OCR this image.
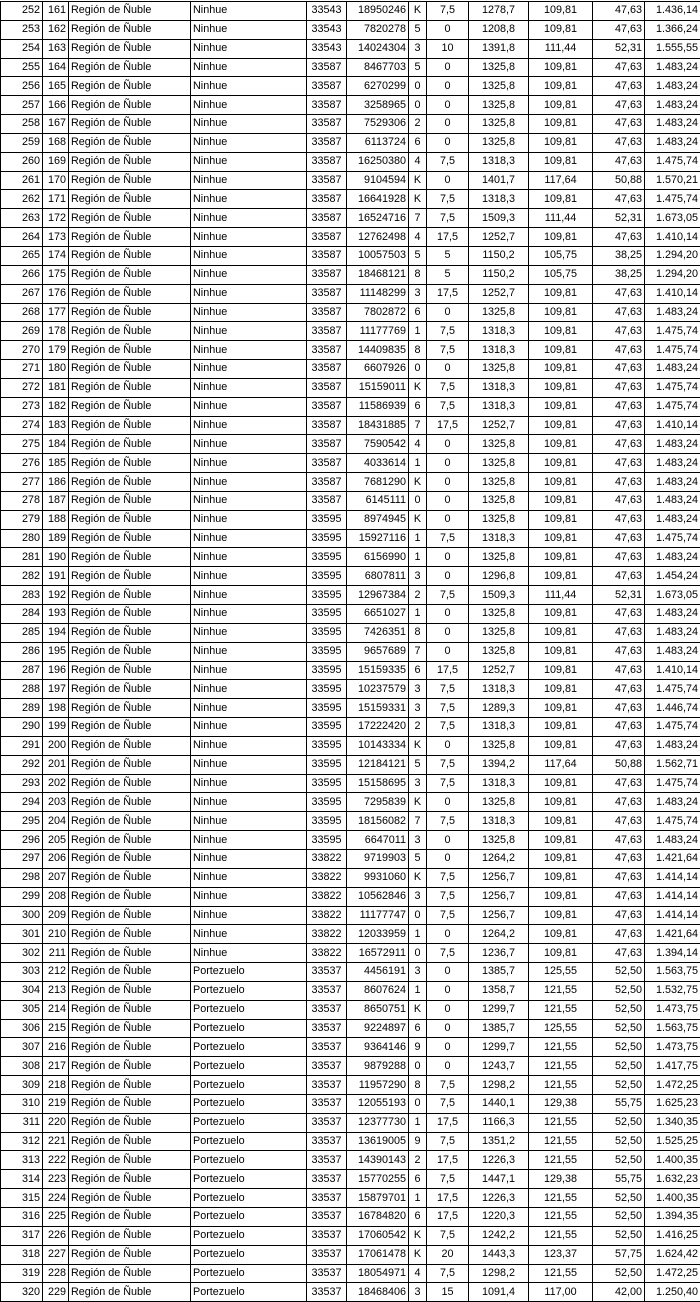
252	161	Región de Ñuble	Ninhue	33543	18950246	K	7,5	1278,7	109,81	47,63	1.436,14
253	162	Región de Ñuble	Ninhue	33543	7820278	5	0	1208,8	109,81	47,63	1.366,24
254	163	Región de Ñuble	Ninhue	33543	14024304	3	10	1391,8	111,44	52,31	1.555,55
255	164	Región de Ñuble	Ninhue	33587	8467703	5	0	1325,8	109,81	47,63	1.483,24
256	165	Región de Ñuble	Ninhue	33587	6270299	0	0	1325,8	109,81	47,63	1.483,24
257	166	Región de Ñuble	Ninhue	33587	3258965	0	0	1325,8	109,81	47,63	1.483,24
258	167	Región de Ñuble	Ninhue	33587	7529306	2	0	1325,8	109,81	47,63	1.483,24
259	168	Región de Ñuble	Ninhue	33587	6113724	6	0	1325,8	109,81	47,63	1.483,24
260	169	Región de Ñuble	Ninhue	33587	16250380	4	7,5	1318,3	109,81	47,63	1.475,74
261	170	Región de Ñuble	Ninhue	33587	9104594	K	0	1401,7	117,64	50,88	1.570,21
262	171	Región de Ñuble	Ninhue	33587	16641928	K	7,5	1318,3	109,81	47,63	1.475,74
263	172	Región de Ñuble	Ninhue	33587	16524716	7	7,5	1509,3	111,44	52,31	1.673,05
264	173	Región de Ñuble	Ninhue	33587	12762498	4	17,5	1252,7	109,81	47,63	1.410,14
265	174	Región de Ñuble	Ninhue	33587	10057503	5	5	1150,2	105,75	38,25	1.294,20
266	175	Región de Ñuble	Ninhue	33587	18468121	8	5	1150,2	105,75	38,25	1.294,20
267	176	Región de Ñuble	Ninhue	33587	11148299	3	17,5	1252,7	109,81	47,63	1.410,14
268	177	Región de Ñuble	Ninhue	33587	7802872	6	0	1325,8	109,81	47,63	1.483,24
269	178	Región de Ñuble	Ninhue	33587	11177769	1	7,5	1318,3	109,81	47,63	1.475,74
270	179	Región de Ñuble	Ninhue	33587	14409835	8	7,5	1318,3	109,81	47,63	1.475,74
271	180	Región de Ñuble	Ninhue	33587	6607926	0	0	1325,8	109,81	47,63	1.483,24
272	181	Región de Ñuble	Ninhue	33587	15159011	K	7,5	1318,3	109,81	47,63	1.475,74
273	182	Región de Ñuble	Ninhue	33587	11586939	6	7,5	1318,3	109,81	47,63	1.475,74
274	183	Región de Ñuble	Ninhue	33587	18431885	7	17,5	1252,7	109,81	47,63	1.410,14
275	184	Región de Ñuble	Ninhue	33587	7590542	4	0	1325,8	109,81	47,63	1.483,24
276	185	Región de Ñuble	Ninhue	33587	4033614	1	0	1325,8	109,81	47,63	1.483,24
277	186	Región de Ñuble	Ninhue	33587	7681290	K	0	1325,8	109,81	47,63	1.483,24
278	187	Región de Ñuble	Ninhue	33587	6145111	0	0	1325,8	109,81	47,63	1.483,24
279	188	Región de Ñuble	Ninhue	33595	8974945	K	0	1325,8	109,81	47,63	1.483,24
280	189	Región de Ñuble	Ninhue	33595	15927116	1	7,5	1318,3	109,81	47,63	1.475,74
281	190	Región de Ñuble	Ninhue	33595	6156990	1	0	1325,8	109,81	47,63	1.483,24
282	191	Región de Ñuble	Ninhue	33595	6807811	3	0	1296,8	109,81	47,63	1.454,24
283	192	Región de Ñuble	Ninhue	33595	12967384	2	7,5	1509,3	111,44	52,31	1.673,05
284	193	Región de Ñuble	Ninhue	33595	6651027	1	0	1325,8	109,81	47,63	1.483,24
285	194	Región de Ñuble	Ninhue	33595	7426351	8	0	1325,8	109,81	47,63	1.483,24
286	195	Región de Ñuble	Ninhue	33595	9657689	7	0	1325,8	109,81	47,63	1.483,24
287	196	Región de Ñuble	Ninhue	33595	15159335	6	17,5	1252,7	109,81	47,63	1.410,14
288	197	Región de Ñuble	Ninhue	33595	10237579	3	7,5	1318,3	109,81	47,63	1.475,74
289	198	Región de Ñuble	Ninhue	33595	15159331	3	7,5	1289,3	109,81	47,63	1.446,74
290	199	Región de Ñuble	Ninhue	33595	17222420	2	7,5	1318,3	109,81	47,63	1.475,74
291	200	Región de Ñuble	Ninhue	33595	10143334	K	0	1325,8	109,81	47,63	1.483,24
292	201	Región de Ñuble	Ninhue	33595	12184121	5	7,5	1394,2	117,64	50,88	1.562,71
293	202	Región de Ñuble	Ninhue	33595	15158695	3	7,5	1318,3	109,81	47,63	1.475,74
294	203	Región de Ñuble	Ninhue	33595	7295839	K	0	1325,8	109,81	47,63	1.483,24
295	204	Región de Ñuble	Ninhue	33595	18156082	7	7,5	1318,3	109,81	47,63	1.475,74
296	205	Región de Ñuble	Ninhue	33595	6647011	3	0	1325,8	109,81	47,63	1.483,24
297	206	Región de Ñuble	Ninhue	33822	9719903	5	0	1264,2	109,81	47,63	1.421,64
298	207	Región de Ñuble	Ninhue	33822	9931060	K	7,5	1256,7	109,81	47,63	1.414,14
299	208	Región de Ñuble	Ninhue	33822	10562846	3	7,5	1256,7	109,81	47,63	1.414,14
300	209	Región de Ñuble	Ninhue	33822	11177747	0	7,5	1256,7	109,81	47,63	1.414,14
301	210	Región de Ñuble	Ninhue	33822	12033959	1	0	1264,2	109,81	47,63	1.421,64
302	211	Región de Ñuble	Ninhue	33822	16572911	0	7,5	1236,7	109,81	47,63	1.394,14
303	212	Región de Ñuble	Portezuelo	33537	4456191	3	0	1385,7	125,55	52,50	1.563,75
304	213	Región de Ñuble	Portezuelo	33537	8607624	1	0	1358,7	121,55	52,50	1.532,75
305	214	Región de Ñuble	Portezuelo	33537	8650751	K	0	1299,7	121,55	52,50	1.473,75
306	215	Región de Ñuble	Portezuelo	33537	9224897	6	0	1385,7	125,55	52,50	1.563,75
307	216	Región de Ñuble	Portezuelo	33537	9364146	9	0	1299,7	121,55	52,50	1.473,75
308	217	Región de Ñuble	Portezuelo	33537	9879288	0	0	1243,7	121,55	52,50	1.417,75
309	218	Región de Ñuble	Portezuelo	33537	11957290	8	7,5	1298,2	121,55	52,50	1.472,25
310	219	Región de Ñuble	Portezuelo	33537	12055193	0	7,5	1440,1	129,38	55,75	1.625,23
311	220	Región de Ñuble	Portezuelo	33537	12377730	1	17,5	1166,3	121,55	52,50	1.340,35
312	221	Región de Ñuble	Portezuelo	33537	13619005	9	7,5	1351,2	121,55	52,50	1.525,25
313	222	Región de Ñuble	Portezuelo	33537	14390143	2	17,5	1226,3	121,55	52,50	1.400,35
314	223	Región de Ñuble	Portezuelo	33537	15770255	6	7,5	1447,1	129,38	55,75	1.632,23
315	224	Región de Ñuble	Portezuelo	33537	15879701	1	17,5	1226,3	121,55	52,50	1.400,35
316	225	Región de Ñuble	Portezuelo	33537	16784820	6	17,5	1220,3	121,55	52,50	1.394,35
317	226	Región de Ñuble	Portezuelo	33537	17060542	K	7,5	1242,2	121,55	52,50	1.416,25
318	227	Región de Ñuble	Portezuelo	33537	17061478	K	20	1443,3	123,37	57,75	1.624,42
319	228	Región de Ñuble	Portezuelo	33537	18054971	4	7,5	1298,2	121,55	52,50	1.472,25
320	229	Región de Ñuble	Portezuelo	33537	18468406	3	15	1091,4	117,00	42,00	1.250,40
